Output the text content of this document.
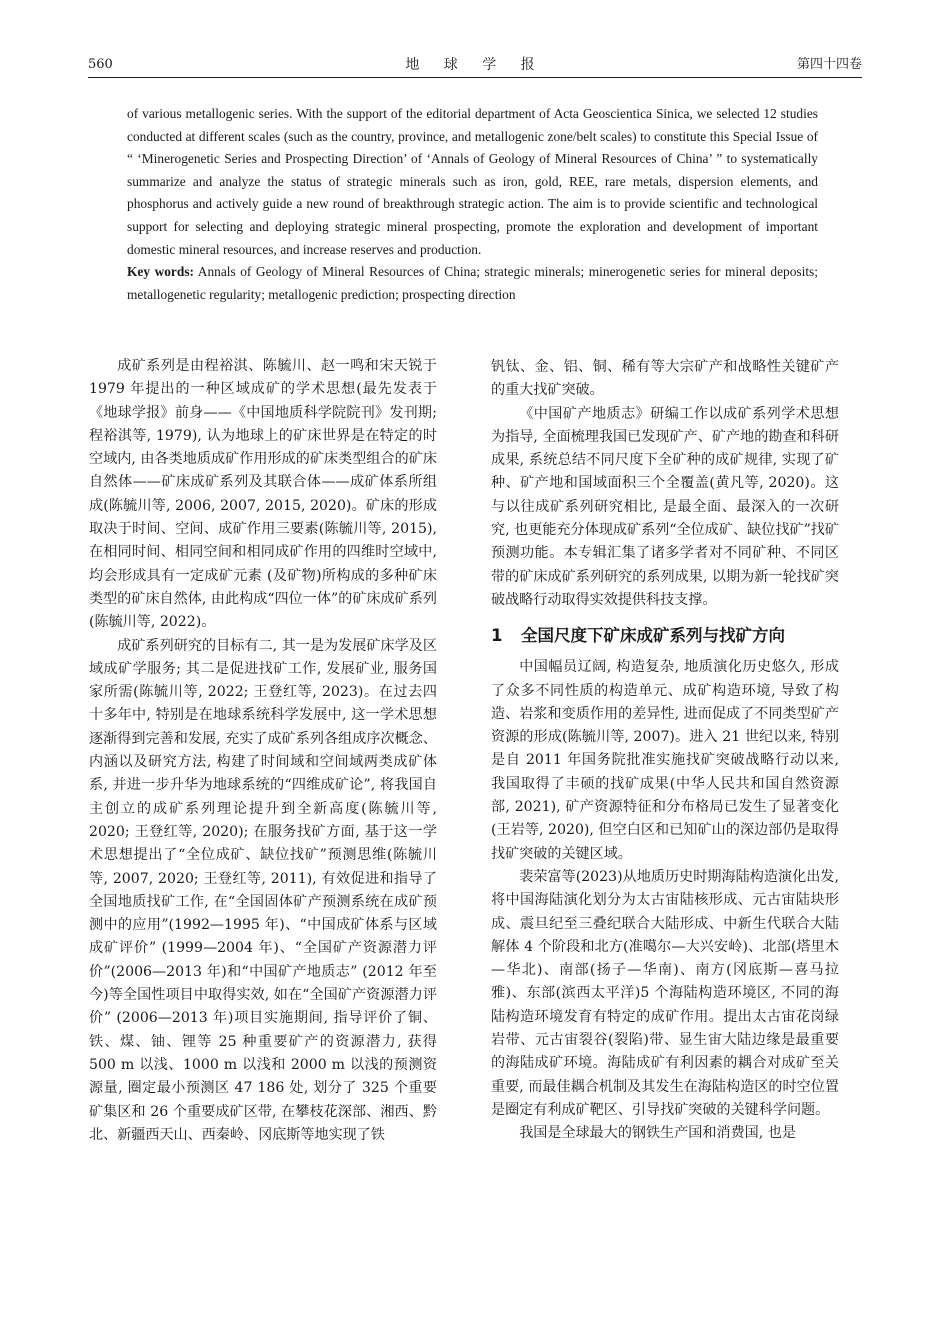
560	地 球 学 报	第四十四卷

of various metallogenic series. With the support of the editorial department of Acta Geoscientica Sinica, we selected 12 studies conducted at different scales (such as the country, province, and metallogenic zone/belt scales) to constitute this Special Issue of “ ‘Minerogenetic Series and Prospecting Direction’ of ‘Annals of Geology of Mineral Resources of China’ ” to systematically summarize and analyze the status of strategic minerals such as iron, gold, REE, rare metals, dispersion elements, and phosphorus and actively guide a new round of breakthrough strategic action. The aim is to provide scientific and technological support for selecting and deploying strategic mineral prospecting, promote the exploration and development of important domestic mineral resources, and increase reserves and production.

Key words: Annals of Geology of Mineral Resources of China; strategic minerals; minerogenetic series for mineral deposits; metallogenetic regularity; metallogenic prediction; prospecting direction

成矿系列是由程裕淇、陈毓川、赵一鸣和宋天锐于 1979 年提出的一种区域成矿的学术思想(最先发表于《地球学报》前身——《中国地质科学院院刊》发刊期; 程裕淇等, 1979), 认为地球上的矿床世界是在特定的时空域内, 由各类地质成矿作用形成的矿床类型组合的矿床自然体——矿床成矿系列及其联合体——成矿体系所组成(陈毓川等, 2006, 2007, 2015, 2020)。矿床的形成取决于时间、空间、成矿作用三要素(陈毓川等, 2015), 在相同时间、相同空间和相同成矿作用的四维时空域中, 均会形成具有一定成矿元素 (及矿物)所构成的多种矿床类型的矿床自然体, 由此构成“四位一体”的矿床成矿系列(陈毓川等, 2022)。

成矿系列研究的目标有二, 其一是为发展矿床学及区域成矿学服务; 其二是促进找矿工作, 发展矿业, 服务国家所需(陈毓川等, 2022; 王登红等, 2023)。在过去四十多年中, 特别是在地球系统科学发展中, 这一学术思想逐渐得到完善和发展, 充实了成矿系列各组成序次概念、内涵以及研究方法, 构建了时间域和空间域两类成矿体系, 并进一步升华为地球系统的“四维成矿论”, 将我国自主创立的成矿系列理论提升到全新高度(陈毓川等, 2020; 王登红等, 2020); 在服务找矿方面, 基于这一学术思想提出了“全位成矿、缺位找矿”预测思维(陈毓川等, 2007, 2020; 王登红等, 2011), 有效促进和指导了全国地质找矿工作, 在“全国固体矿产预测系统在成矿预测中的应用”(1992—1995 年)、“中国成矿体系与区域成矿评价” (1999—2004 年)、“全国矿产资源潜力评价”(2006—2013 年)和“中国矿产地质志” (2012 年至今)等全国性项目中取得实效, 如在“全国矿产资源潜力评价” (2006—2013 年)项目实施期间, 指导评价了铜、铁、煤、铀、锂等 25 种重要矿产的资源潜力, 获得 500 m 以浅、1000 m 以浅和 2000 m 以浅的预测资源量, 圈定最小预测区 47 186 处, 划分了 325 个重要矿集区和 26 个重要成矿区带, 在攀枝花深部、湘西、黔北、新疆西天山、西秦岭、冈底斯等地实现了铁

钒钛、金、铝、铜、稀有等大宗矿产和战略性关键矿产的重大找矿突破。

《中国矿产地质志》研编工作以成矿系列学术思想为指导, 全面梳理我国已发现矿产、矿产地的勘查和科研成果, 系统总结不同尺度下全矿种的成矿规律, 实现了矿种、矿产地和国域面积三个全覆盖(黄凡等, 2020)。这与以往成矿系列研究相比, 是最全面、最深入的一次研究, 也更能充分体现成矿系列“全位成矿、缺位找矿”找矿预测功能。本专辑汇集了诸多学者对不同矿种、不同区带的矿床成矿系列研究的系列成果, 以期为新一轮找矿突破战略行动取得实效提供科技支撑。

1 全国尺度下矿床成矿系列与找矿方向

中国幅员辽阔, 构造复杂, 地质演化历史悠久, 形成了众多不同性质的构造单元、成矿构造环境, 导致了构造、岩浆和变质作用的差异性, 进而促成了不同类型矿产资源的形成(陈毓川等, 2007)。进入 21 世纪以来, 特别是自 2011 年国务院批准实施找矿突破战略行动以来, 我国取得了丰硕的找矿成果(中华人民共和国自然资源部, 2021), 矿产资源特征和分布格局已发生了显著变化(王岩等, 2020), 但空白区和已知矿山的深边部仍是取得找矿突破的关键区域。

裴荣富等(2023)从地质历史时期海陆构造演化出发, 将中国海陆演化划分为太古宙陆核形成、元古宙陆块形成、震旦纪至三叠纪联合大陆形成、中新生代联合大陆解体 4 个阶段和北方(准噶尔—大兴安岭)、北部(塔里木—华北)、南部(扬子—华南)、南方(冈底斯—喜马拉雅)、东部(滨西太平洋)5 个海陆构造环境区, 不同的海陆构造环境发育有特定的成矿作用。提出太古宙花岗绿岩带、元古宙裂谷(裂陷)带、显生宙大陆边缘是最重要的海陆成矿环境。海陆成矿有利因素的耦合对成矿至关重要, 而最佳耦合机制及其发生在海陆构造区的时空位置是圈定有利成矿靶区、引导找矿突破的关键科学问题。

我国是全球最大的钢铁生产国和消费国, 也是
